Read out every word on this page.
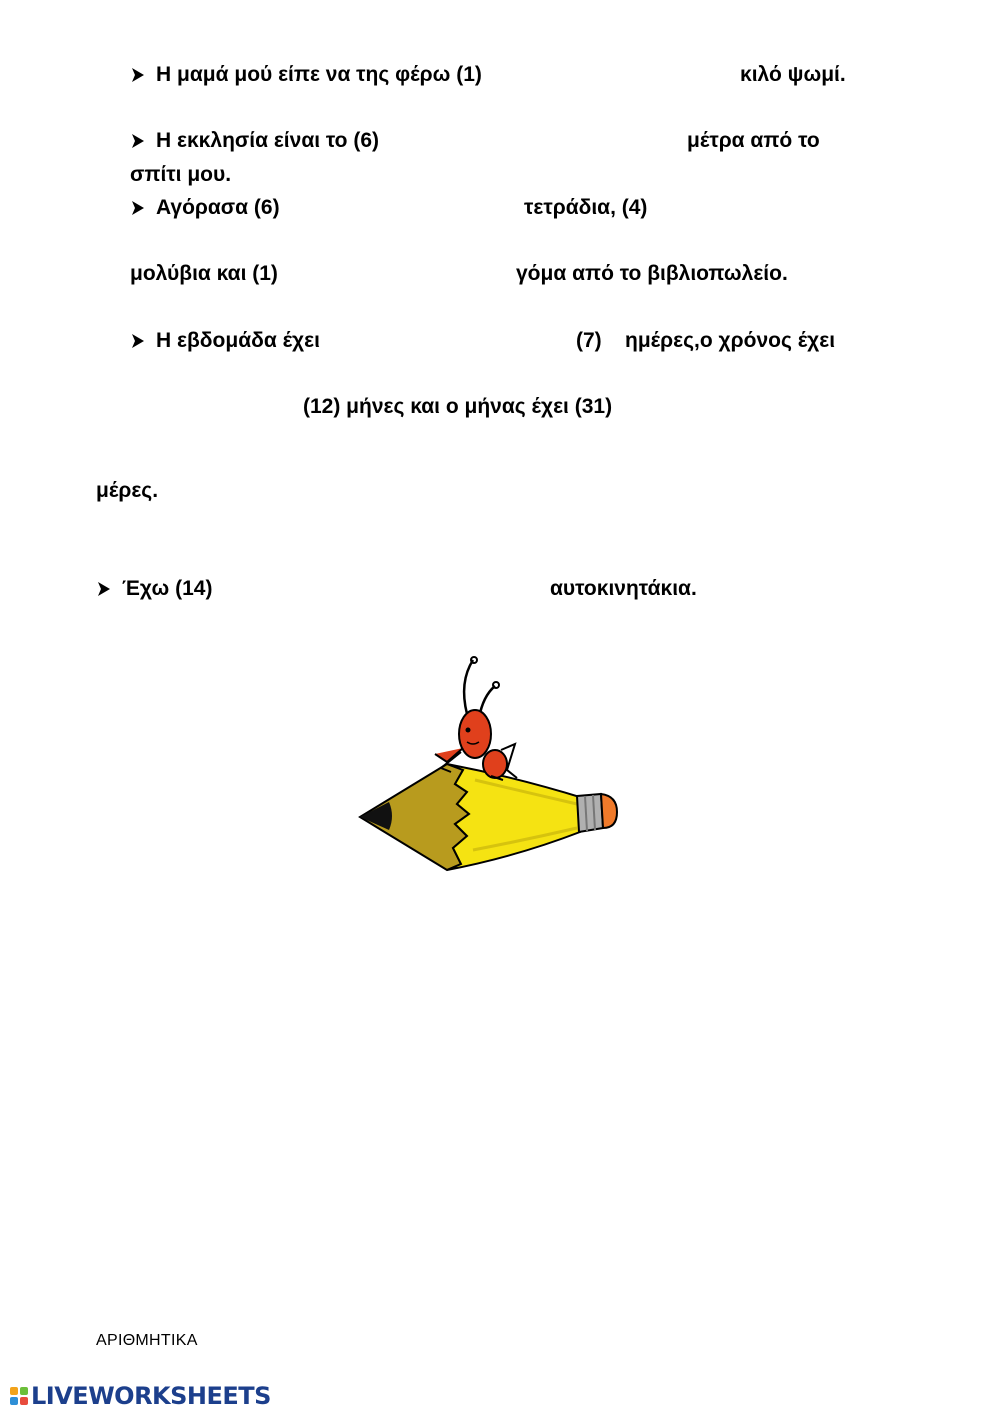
Η μαμά μού είπε να της φέρω (1)	κιλό ψωμί.
Η εκκλησία είναι το (6)	μέτρα από το
σπίτι μου.
Αγόρασα (6)	τετράδια, (4)
μολύβια και (1)	γόμα από το βιβλιοπωλείο.
Η εβδομάδα έχει	(7)    ημέρες,ο χρόνος έχει
(12) μήνες και ο μήνας έχει (31)
μέρες.
Έχω (14)	αυτοκινητάκια.
ΑΡΙΘΜΗΤΙΚΑ
LIVEWORKSHEETS
